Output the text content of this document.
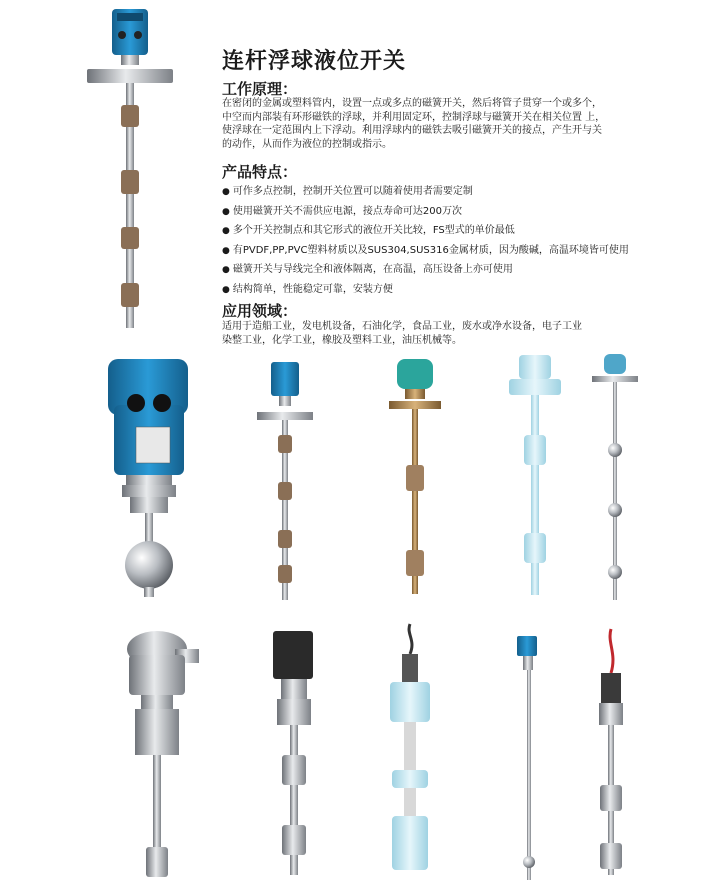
连杆浮球液位开关
工作原理：
在密闭的金属或塑料管内，设置一点或多点的磁簧开关，然后将管子贯穿一个或多个，
中空而内部装有环形磁铁的浮球，并利用固定环，控制浮球与磁簧开关在相关位置 上，
使浮球在一定范围内上下浮动。利用浮球内的磁铁去吸引磁簧开关的接点，产生开与关
的动作，从而作为液位的控制或指示。
产品特点：
● 可作多点控制，控制开关位置可以随着使用者需要定制
● 使用磁簧开关不需供应电源，接点寿命可达200万次
● 多个开关控制点和其它形式的液位开关比较，FS型式的单价最低
● 有PVDF,PP,PVC塑料材质以及SUS304,SUS316金属材质，因为酸碱，高温环境皆可使用
● 磁簧开关与导线完全和液体隔离，在高温，高压设备上亦可使用
● 结构简单，性能稳定可靠，安装方便
应用领域：
适用于造船工业，发电机设备，石油化学，食品工业，废水或净水设备，电子工业
染整工业，化学工业，橡胶及塑料工业，油压机械等。
